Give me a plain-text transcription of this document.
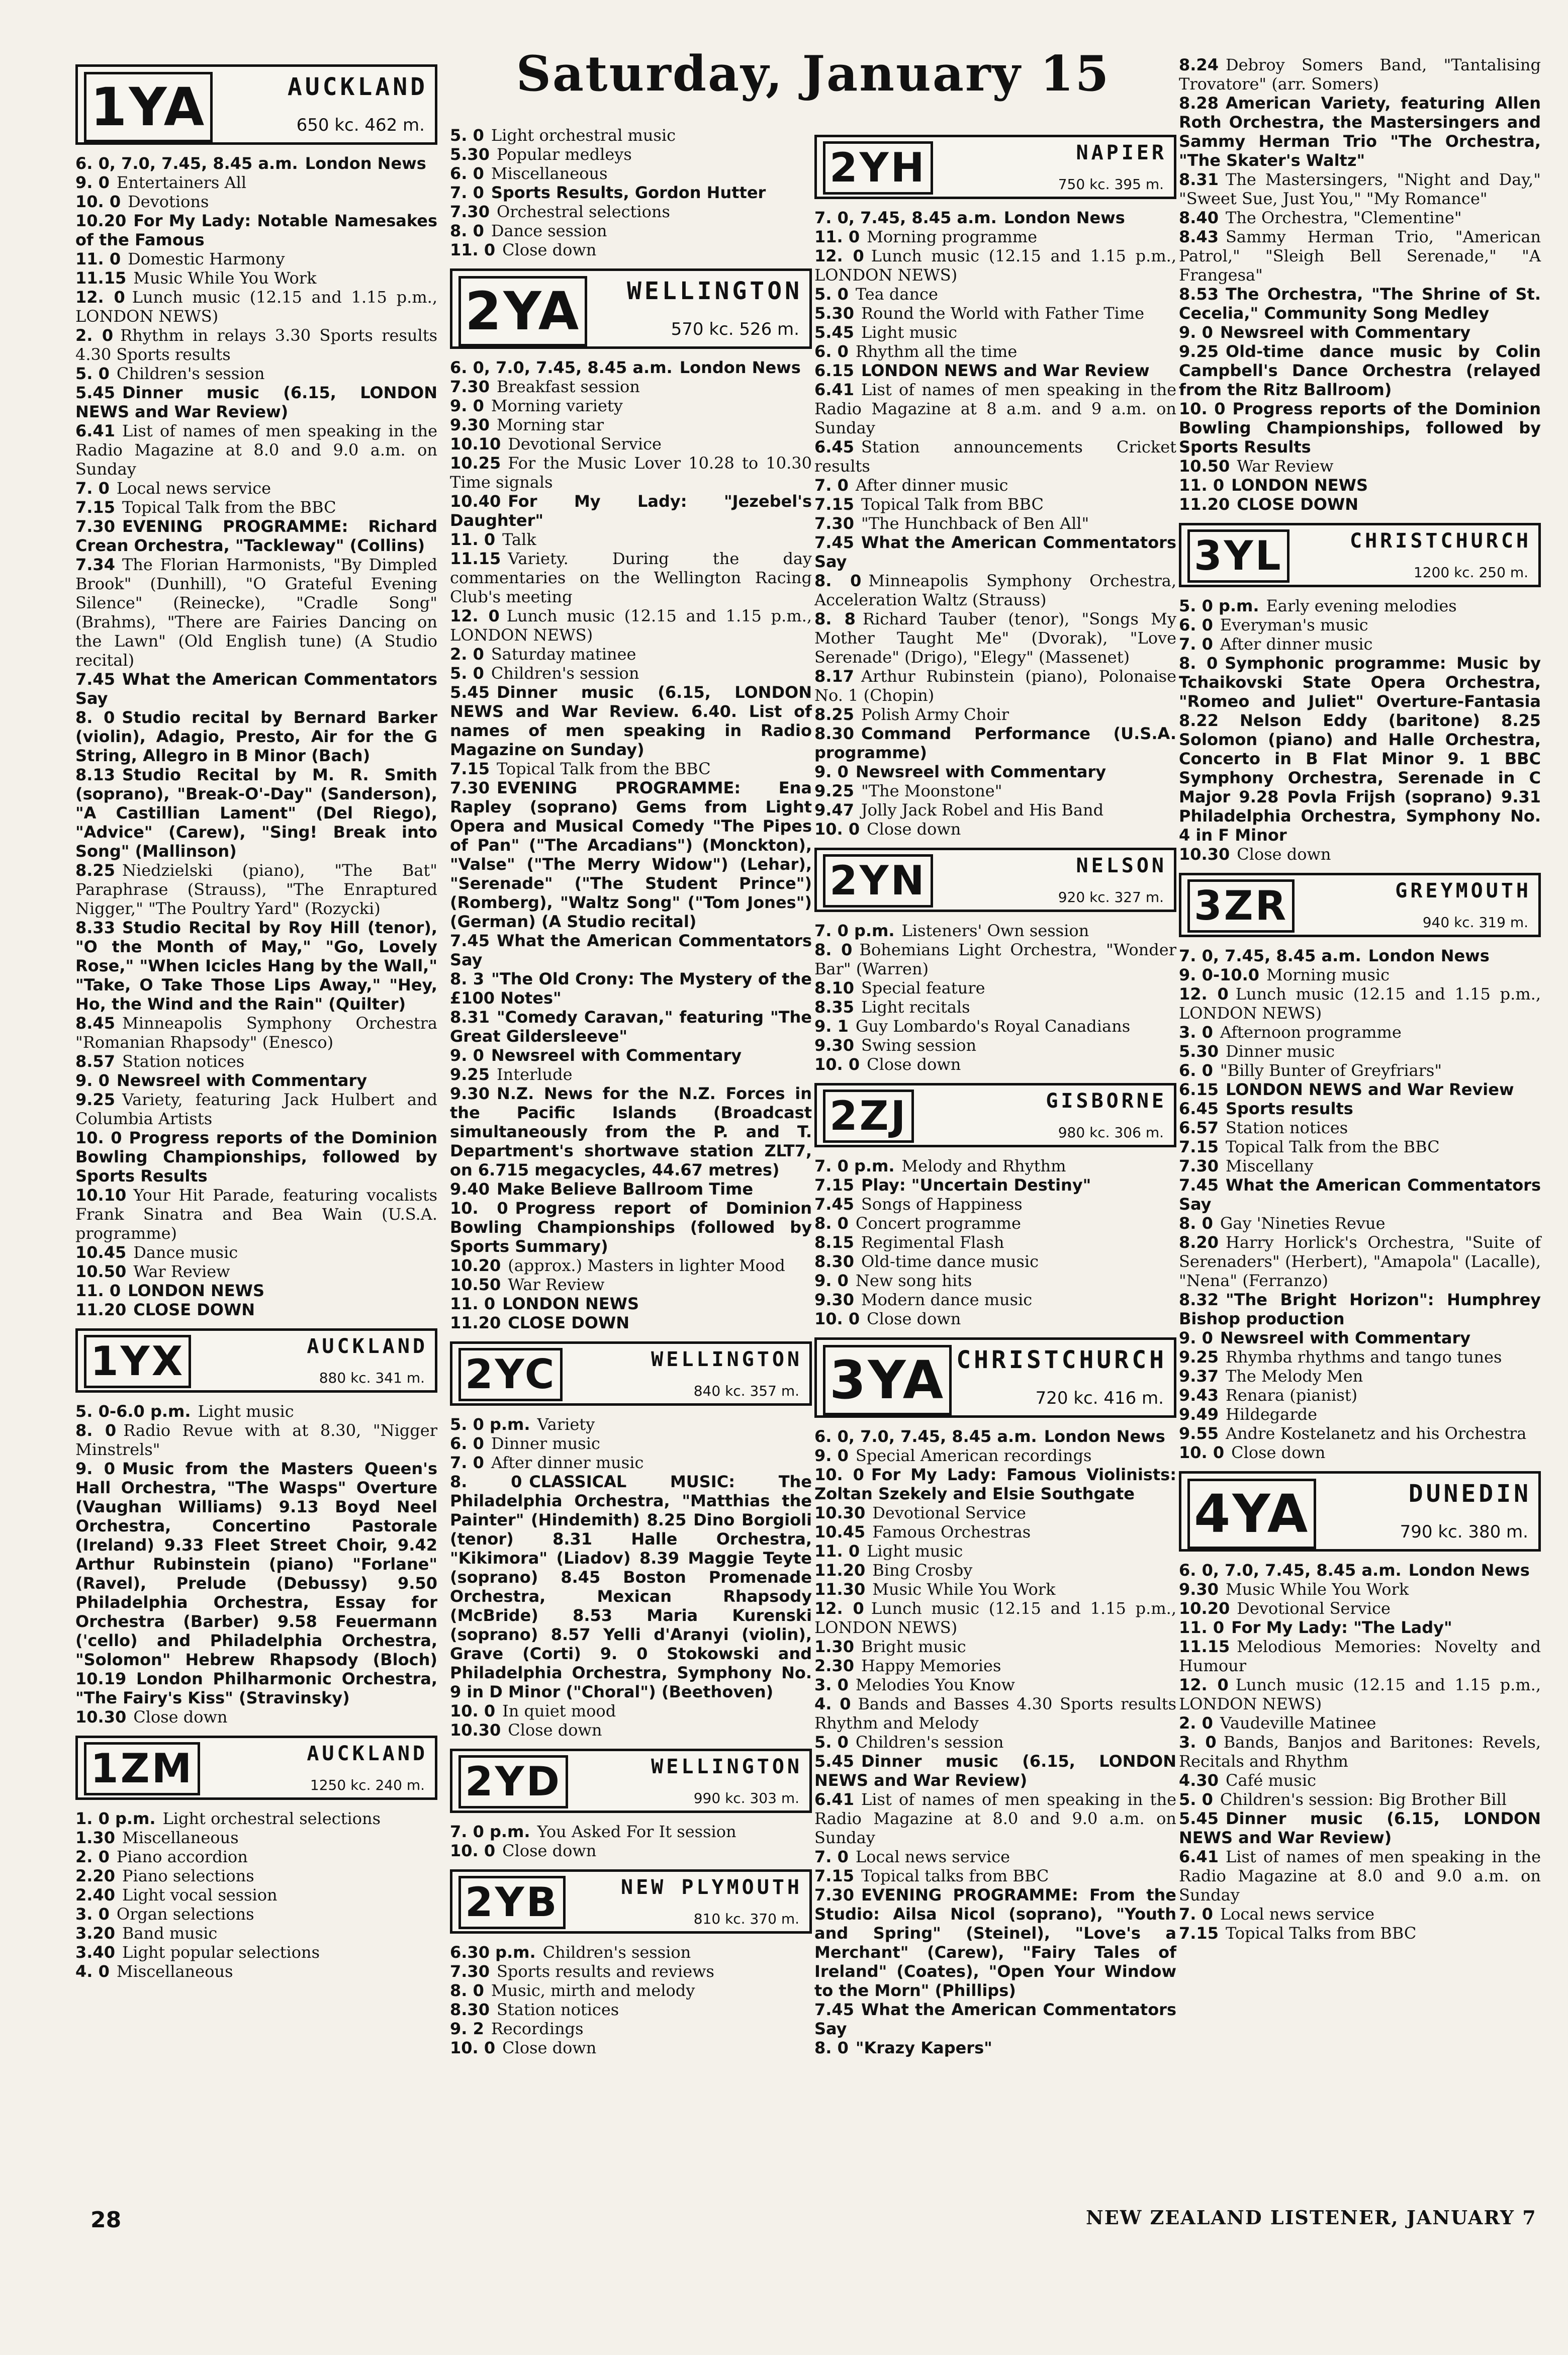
Saturday, January 15
1YA	AUCKLAND
650 kc. 462 m.

6. 0, 7.0, 7.45, 8.45 a.m. London News

9. 0 Entertainers All

10. 0 Devotions

10.20 For My Lady: Notable Namesakes of the Famous

11. 0 Domestic Harmony

11.15 Music While You Work

12. 0 Lunch music (12.15 and 1.15 p.m., LONDON NEWS)

2. 0 Rhythm in relays 3.30 Sports results 4.30 Sports results

5. 0 Children's session

5.45 Dinner music (6.15, LONDON NEWS and War Review)

6.41 List of names of men speaking in the Radio Magazine at 8.0 and 9.0 a.m. on Sunday

7. 0 Local news service

7.15 Topical Talk from the BBC

7.30 EVENING PROGRAMME: Richard Crean Orchestra, "Tackleway" (Collins)

7.34 The Florian Harmonists, "By Dimpled Brook" (Dunhill), "O Grateful Evening Silence" (Reinecke), "Cradle Song" (Brahms), "There are Fairies Dancing on the Lawn" (Old English tune) (A Studio recital)

7.45 What the American Commentators Say

8. 0 Studio recital by Bernard Barker (violin), Adagio, Presto, Air for the G String, Allegro in B Minor (Bach)

8.13 Studio Recital by M. R. Smith (soprano), "Break-O'-Day" (Sanderson), "A Castillian Lament" (Del Riego), "Advice" (Carew), "Sing! Break into Song" (Mallinson)

8.25 Niedzielski (piano), "The Bat" Paraphrase (Strauss), "The Enraptured Nigger," "The Poultry Yard" (Rozycki)

8.33 Studio Recital by Roy Hill (tenor), "O the Month of May," "Go, Lovely Rose," "When Icicles Hang by the Wall," "Take, O Take Those Lips Away," "Hey, Ho, the Wind and the Rain" (Quilter)

8.45 Minneapolis Symphony Orchestra "Romanian Rhapsody" (Enesco)

8.57 Station notices

9. 0 Newsreel with Commentary

9.25 Variety, featuring Jack Hulbert and Columbia Artists

10. 0 Progress reports of the Dominion Bowling Championships, followed by Sports Results

10.10 Your Hit Parade, featuring vocalists Frank Sinatra and Bea Wain (U.S.A. programme)

10.45 Dance music

10.50 War Review

11. 0 LONDON NEWS

11.20 CLOSE DOWN

1YX	AUCKLAND
880 kc. 341 m.

5. 0-6.0 p.m. Light music

8. 0 Radio Revue with at 8.30, "Nigger Minstrels"

9. 0 Music from the Masters Queen's Hall Orchestra, "The Wasps" Overture (Vaughan Williams) 9.13 Boyd Neel Orchestra, Concertino Pastorale (Ireland) 9.33 Fleet Street Choir, 9.42 Arthur Rubinstein (piano) "Forlane" (Ravel), Prelude (Debussy) 9.50 Philadelphia Orchestra, Essay for Orchestra (Barber) 9.58 Feuermann ('cello) and Philadelphia Orchestra, "Solomon" Hebrew Rhapsody (Bloch) 10.19 London Philharmonic Orchestra, "The Fairy's Kiss" (Stravinsky)

10.30 Close down

1ZM	AUCKLAND
1250 kc. 240 m.

1. 0 p.m. Light orchestral selections

1.30 Miscellaneous

2. 0 Piano accordion

2.20 Piano selections

2.40 Light vocal session

3. 0 Organ selections

3.20 Band music

3.40 Light popular selections

4. 0 Miscellaneous

5. 0 Light orchestral music

5.30 Popular medleys

6. 0 Miscellaneous

7. 0 Sports Results, Gordon Hutter

7.30 Orchestral selections

8. 0 Dance session

11. 0 Close down

2YA WELLINGTON
570 kc. 526 m.

6. 0, 7.0, 7.45, 8.45 a.m. London News

7.30 Breakfast session

9. 0 Morning variety

9.30 Morning star

10.10 Devotional Service

10.25 For the Music Lover 10.28 to 10.30 Time signals

10.40 For My Lady: "Jezebel's Daughter"

11. 0 Talk

11.15 Variety. During the day commentaries on the Wellington Racing Club's meeting

12. 0 Lunch music (12.15 and 1.15 p.m., LONDON NEWS)

2. 0 Saturday matinee

5. 0 Children's session

5.45 Dinner music (6.15, LONDON NEWS and War Review. 6.40. List of names of men speaking in Radio Magazine on Sunday)

7.15 Topical Talk from the BBC

7.30 EVENING PROGRAMME: Ena Rapley (soprano) Gems from Light Opera and Musical Comedy "The Pipes of Pan" ("The Arcadians") (Monckton), "Valse" ("The Merry Widow") (Lehar), "Serenade" ("The Student Prince") (Romberg), "Waltz Song" ("Tom Jones") (German) (A Studio recital)

7.45 What the American Commentators Say

8. 3 "The Old Crony: The Mystery of the £100 Notes"

8.31 "Comedy Caravan," featuring "The Great Gildersleeve"

9. 0 Newsreel with Commentary

9.25 Interlude

9.30 N.Z. News for the N.Z. Forces in the Pacific Islands (Broadcast simultaneously from the P. and T. Department's shortwave station ZLT7, on 6.715 megacycles, 44.67 metres)

9.40 Make Believe Ballroom Time

10. 0 Progress report of Dominion Bowling Championships (followed by Sports Summary)

10.20 (approx.) Masters in lighter Mood

10.50 War Review

11. 0 LONDON NEWS

11.20 CLOSE DOWN

2YC	WELLINGTON
840 kc. 357 m.

5. 0 p.m. Variety

6. 0 Dinner music

7. 0 After dinner music

8. 0 CLASSICAL MUSIC: The Philadelphia Orchestra, "Matthias the Painter" (Hindemith) 8.25 Dino Borgioli (tenor) 8.31 Halle Orchestra, "Kikimora" (Liadov) 8.39 Maggie Teyte (soprano) 8.45 Boston Promenade Orchestra, Mexican Rhapsody (McBride) 8.53 Maria Kurenski (soprano) 8.57 Yelli d'Aranyi (violin), Grave (Corti) 9. 0 Stokowski and Philadelphia Orchestra, Symphony No. 9 in D Minor ("Choral") (Beethoven)

10. 0 In quiet mood

10.30 Close down

2YD	WELLINGTON
990 kc. 303 m.

7. 0 p.m. You Asked For It session

10. 0 Close down

2YB	NEW PLYMOUTH
810 kc. 370 m.

6.30 p.m. Children's session

7.30 Sports results and reviews

8. 0 Music, mirth and melody

8.30 Station notices

9. 2 Recordings

10. 0 Close down

2YH	NAPIER
750 kc. 395 m.

7. 0, 7.45, 8.45 a.m. London News

11. 0 Morning programme

12. 0 Lunch music (12.15 and 1.15 p.m., LONDON NEWS)

5. 0 Tea dance

5.30 Round the World with Father Time

5.45 Light music

6. 0 Rhythm all the time

6.15 LONDON NEWS and War Review

6.41 List of names of men speaking in the Radio Magazine at 8 a.m. and 9 a.m. on Sunday

6.45 Station announcements Cricket results

7. 0 After dinner music

7.15 Topical Talk from BBC

7.30 "The Hunchback of Ben All"

7.45 What the American Commentators Say

8. 0 Minneapolis Symphony Orchestra, Acceleration Waltz (Strauss)

8. 8 Richard Tauber (tenor), "Songs My Mother Taught Me" (Dvorak), "Love Serenade" (Drigo), "Elegy" (Massenet)

8.17 Arthur Rubinstein (piano), Polonaise No. 1 (Chopin)

8.25 Polish Army Choir

8.30 Command Performance (U.S.A. programme)

9. 0 Newsreel with Commentary

9.25 "The Moonstone"

9.47 Jolly Jack Robel and His Band

10. 0 Close down

2YN	NELSON
920 kc. 327 m.

7. 0 p.m. Listeners' Own session

8. 0 Bohemians Light Orchestra, "Wonder Bar" (Warren)

8.10 Special feature

8.35 Light recitals

9. 1 Guy Lombardo's Royal Canadians

9.30 Swing session

10. 0 Close down

2ZJ	GISBORNE
980 kc. 306 m.

7. 0 p.m. Melody and Rhythm

7.15 Play: "Uncertain Destiny"

7.45 Songs of Happiness

8. 0 Concert programme

8.15 Regimental Flash

8.30 Old-time dance music

9. 0 New song hits

9.30 Modern dance music

10. 0 Close down

3YA CHRISTCHURCH
720 kc. 416 m.

6. 0, 7.0, 7.45, 8.45 a.m. London News

9. 0 Special American recordings

10. 0 For My Lady: Famous Violinists: Zoltan Szekely and Elsie Southgate

10.30 Devotional Service

10.45 Famous Orchestras

11. 0 Light music

11.20 Bing Crosby

11.30 Music While You Work

12. 0 Lunch music (12.15 and 1.15 p.m., LONDON NEWS)

1.30 Bright music

2.30 Happy Memories

3. 0 Melodies You Know

4. 0 Bands and Basses 4.30 Sports results Rhythm and Melody

5. 0 Children's session

5.45 Dinner music (6.15, LONDON NEWS and War Review)

6.41 List of names of men speaking in the Radio Magazine at 8.0 and 9.0 a.m. on Sunday

7. 0 Local news service

7.15 Topical talks from BBC

7.30 EVENING PROGRAMME: From the Studio: Ailsa Nicol (soprano), "Youth and Spring" (Steinel), "Love's a Merchant" (Carew), "Fairy Tales of Ireland" (Coates), "Open Your Window to the Morn" (Phillips)

7.45 What the American Commentators Say

8. 0 "Krazy Kapers"

8.24 Debroy Somers Band, "Tantalising Trovatore" (arr. Somers)

8.28 American Variety, featuring Allen Roth Orchestra, the Mastersingers and Sammy Herman Trio "The Orchestra, "The Skater's Waltz"

8.31 The Mastersingers, "Night and Day," "Sweet Sue, Just You," "My Romance"

8.40 The Orchestra, "Clementine"

8.43 Sammy Herman Trio, "American Patrol," "Sleigh Bell Serenade," "A Frangesa"

8.53 The Orchestra, "The Shrine of St. Cecelia," Community Song Medley

9. 0 Newsreel with Commentary

9.25 Old-time dance music by Colin Campbell's Dance Orchestra (relayed from the Ritz Ballroom)

10. 0 Progress reports of the Dominion Bowling Championships, followed by Sports Results

10.50 War Review

11. 0 LONDON NEWS

11.20 CLOSE DOWN

3YL	CHRISTCHURCH
1200 kc. 250 m.

5. 0 p.m. Early evening melodies

6. 0 Everyman's music

7. 0 After dinner music

8. 0 Symphonic programme: Music by Tchaikovski State Opera Orchestra, "Romeo and Juliet" Overture-Fantasia 8.22 Nelson Eddy (baritone) 8.25 Solomon (piano) and Halle Orchestra, Concerto in B Flat Minor 9. 1 BBC Symphony Orchestra, Serenade in C Major 9.28 Povla Frijsh (soprano) 9.31 Philadelphia Orchestra, Symphony No. 4 in F Minor

10.30 Close down

3ZR	GREYMOUTH
940 kc. 319 m.

7. 0, 7.45, 8.45 a.m. London News

9. 0-10.0 Morning music

12. 0 Lunch music (12.15 and 1.15 p.m., LONDON NEWS)

3. 0 Afternoon programme

5.30 Dinner music

6. 0 "Billy Bunter of Greyfriars"

6.15 LONDON NEWS and War Review

6.45 Sports results

6.57 Station notices

7.15 Topical Talk from the BBC

7.30 Miscellany

7.45 What the American Commentators Say

8. 0 Gay 'Nineties Revue

8.20 Harry Horlick's Orchestra, "Suite of Serenaders" (Herbert), "Amapola" (Lacalle), "Nena" (Ferranzo)

8.32 "The Bright Horizon": Humphrey Bishop production

9. 0 Newsreel with Commentary

9.25 Rhymba rhythms and tango tunes

9.37 The Melody Men

9.43 Renara (pianist)

9.49 Hildegarde

9.55 Andre Kostelanetz and his Orchestra

10. 0 Close down

4YA	DUNEDIN
790 kc. 380 m.

6. 0, 7.0, 7.45, 8.45 a.m. London News

9.30 Music While You Work

10.20 Devotional Service

11. 0 For My Lady: "The Lady"

11.15 Melodious Memories: Novelty and Humour

12. 0 Lunch music (12.15 and 1.15 p.m., LONDON NEWS)

2. 0 Vaudeville Matinee

3. 0 Bands, Banjos and Baritones: Revels, Recitals and Rhythm

4.30 Café music

5. 0 Children's session: Big Brother Bill

5.45 Dinner music (6.15, LONDON NEWS and War Review)

6.41 List of names of men speaking in the Radio Magazine at 8.0 and 9.0 a.m. on Sunday

7. 0 Local news service

7.15 Topical Talks from BBC

28	NEW ZEALAND LISTENER, JANUARY 7
